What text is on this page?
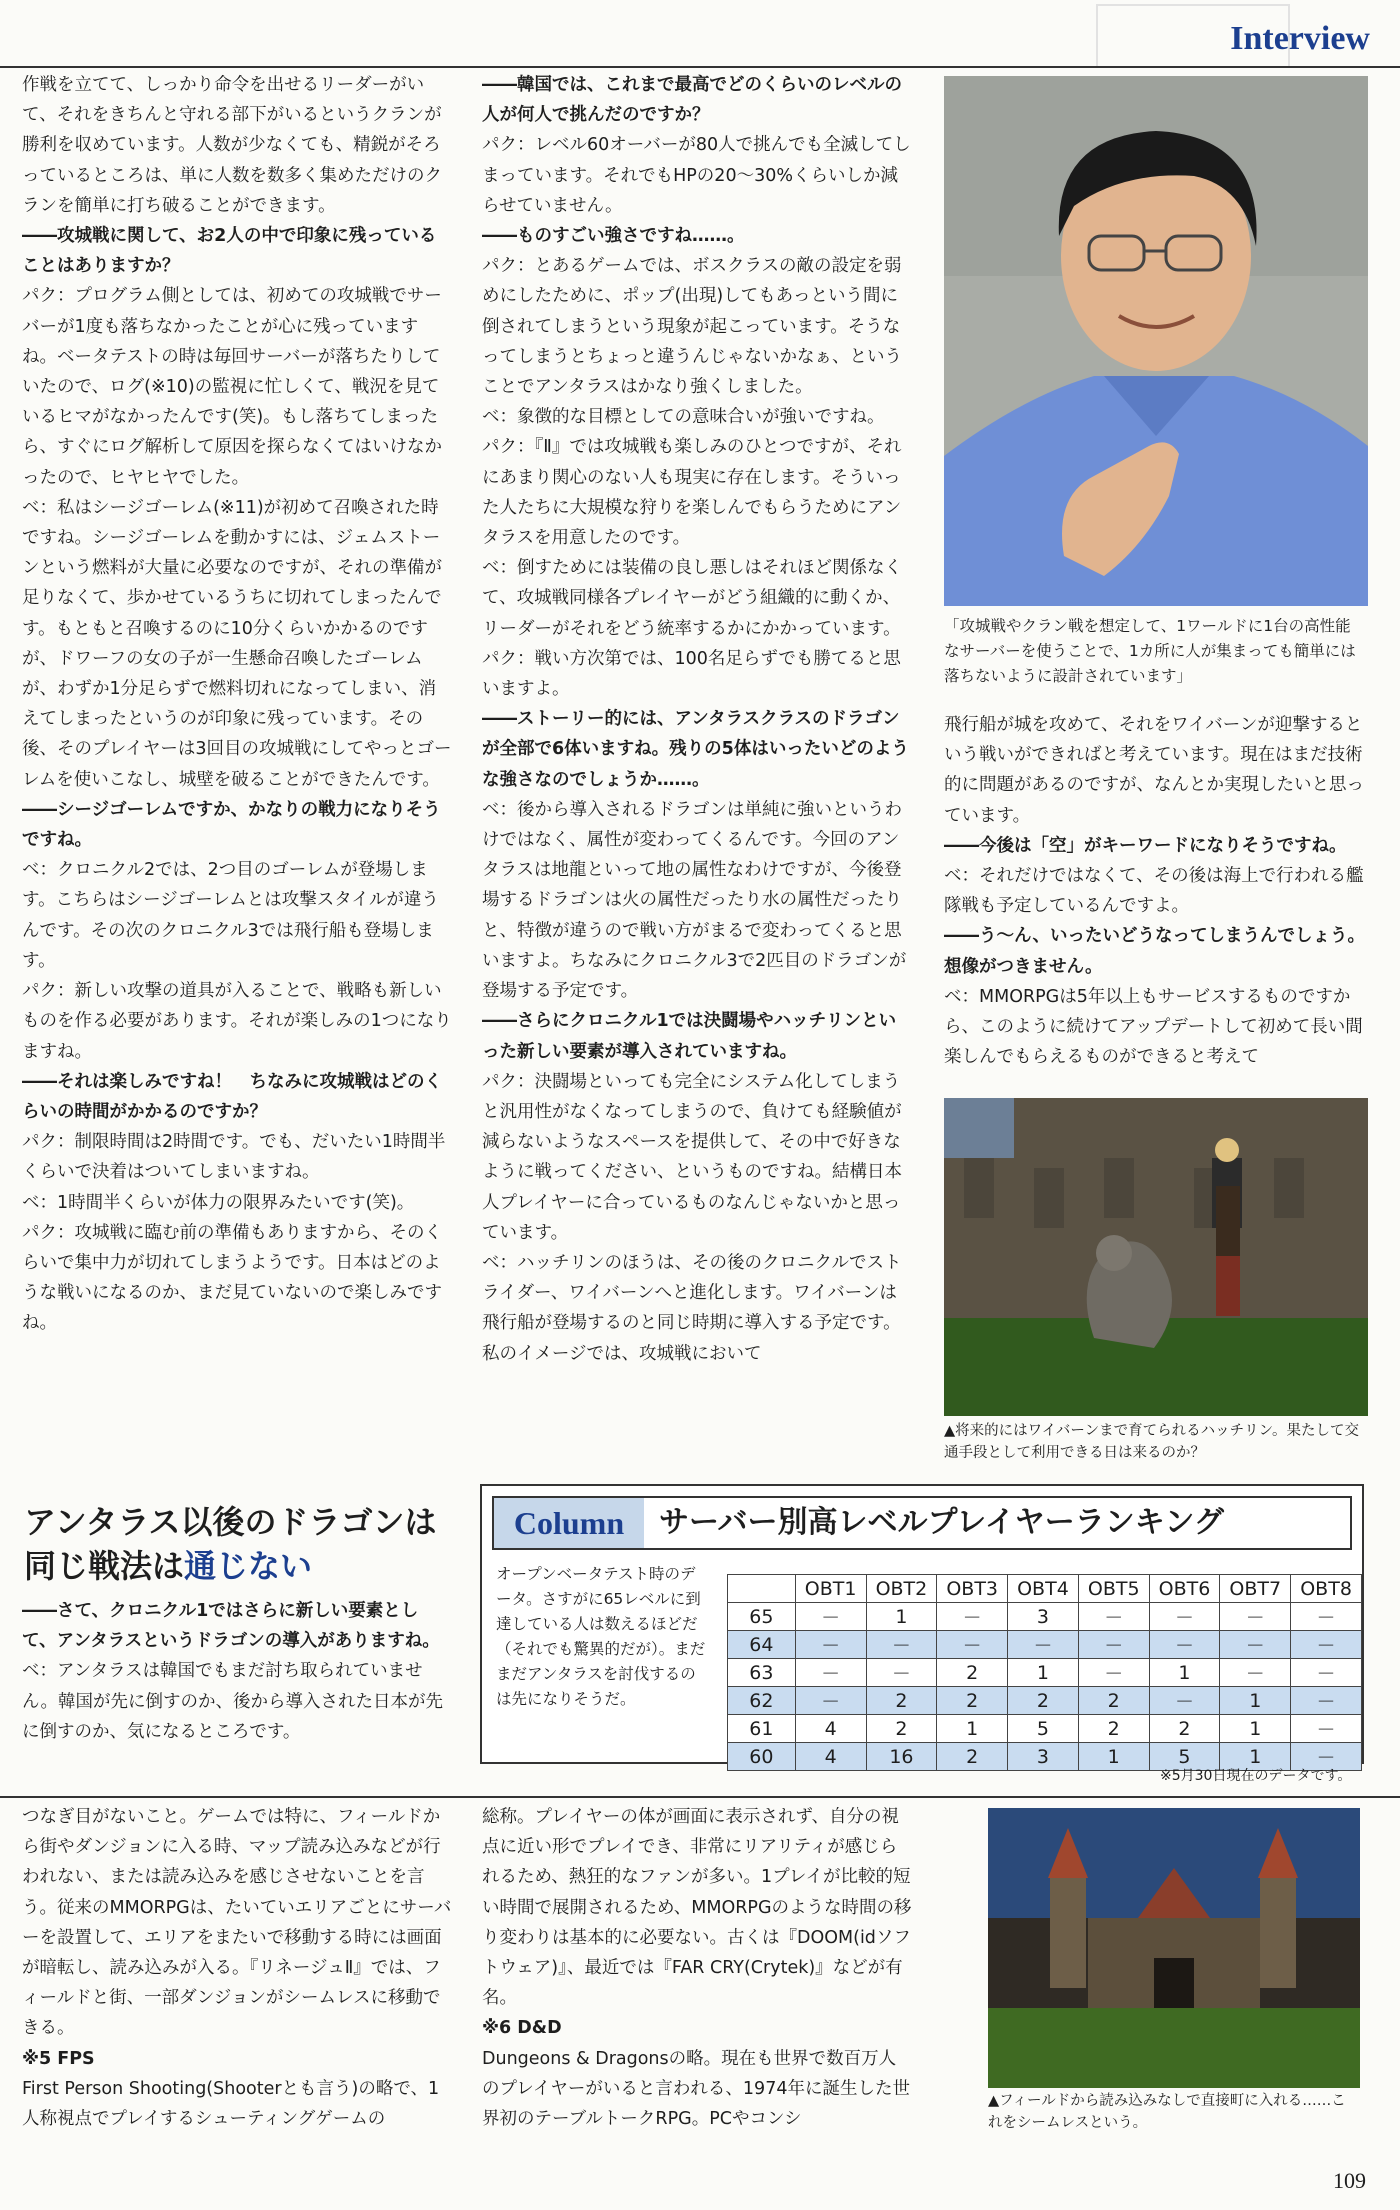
Interview

作戦を立てて、しっかり命令を出せるリーダーがいて、それをきちんと守れる部下がいるというクランが勝利を収めています。人数が少なくても、精鋭がそろっているところは、単に人数を数多く集めただけのクランを簡単に打ち破ることができます。

――攻城戦に関して、お2人の中で印象に残っていることはありますか？

パク：プログラム側としては、初めての攻城戦でサーバーが1度も落ちなかったことが心に残っていますね。ベータテストの時は毎回サーバーが落ちたりしていたので、ログ(※10)の監視に忙しくて、戦況を見ているヒマがなかったんです(笑)。もし落ちてしまったら、すぐにログ解析して原因を探らなくてはいけなかったので、ヒヤヒヤでした。

ベ：私はシージゴーレム(※11)が初めて召喚された時ですね。シージゴーレムを動かすには、ジェムストーンという燃料が大量に必要なのですが、それの準備が足りなくて、歩かせているうちに切れてしまったんです。もともと召喚するのに10分くらいかかるのですが、ドワーフの女の子が一生懸命召喚したゴーレムが、わずか1分足らずで燃料切れになってしまい、消えてしまったというのが印象に残っています。その後、そのプレイヤーは3回目の攻城戦にしてやっとゴーレムを使いこなし、城壁を破ることができたんです。

――シージゴーレムですか、かなりの戦力になりそうですね。

ベ：クロニクル2では、2つ目のゴーレムが登場します。こちらはシージゴーレムとは攻撃スタイルが違うんです。その次のクロニクル3では飛行船も登場します。

パク：新しい攻撃の道具が入ることで、戦略も新しいものを作る必要があります。それが楽しみの1つになりますね。

――それは楽しみですね！　ちなみに攻城戦はどのくらいの時間がかかるのですか？

パク：制限時間は2時間です。でも、だいたい1時間半くらいで決着はついてしまいますね。

ベ：1時間半くらいが体力の限界みたいです(笑)。

パク：攻城戦に臨む前の準備もありますから、そのくらいで集中力が切れてしまうようです。日本はどのような戦いになるのか、まだ見ていないので楽しみですね。

――韓国では、これまで最高でどのくらいのレベルの人が何人で挑んだのですか？

パク：レベル60オーバーが80人で挑んでも全滅してしまっています。それでもHPの20～30%くらいしか減らせていません。

――ものすごい強さですね……。

パク：とあるゲームでは、ボスクラスの敵の設定を弱めにしたために、ポップ(出現)してもあっという間に倒されてしまうという現象が起こっています。そうなってしまうとちょっと違うんじゃないかなぁ、ということでアンタラスはかなり強くしました。

ベ：象徴的な目標としての意味合いが強いですね。

パク：『Ⅱ』では攻城戦も楽しみのひとつですが、それにあまり関心のない人も現実に存在します。そういった人たちに大規模な狩りを楽しんでもらうためにアンタラスを用意したのです。

ベ：倒すためには装備の良し悪しはそれほど関係なくて、攻城戦同様各プレイヤーがどう組織的に動くか、リーダーがそれをどう統率するかにかかっています。

パク：戦い方次第では、100名足らずでも勝てると思いますよ。

――ストーリー的には、アンタラスクラスのドラゴンが全部で6体いますね。残りの5体はいったいどのような強さなのでしょうか……。

ベ：後から導入されるドラゴンは単純に強いというわけではなく、属性が変わってくるんです。今回のアンタラスは地龍といって地の属性なわけですが、今後登場するドラゴンは火の属性だったり水の属性だったりと、特徴が違うので戦い方がまるで変わってくると思いますよ。ちなみにクロニクル3で2匹目のドラゴンが登場する予定です。

――さらにクロニクル1では決闘場やハッチリンといった新しい要素が導入されていますね。

パク：決闘場といっても完全にシステム化してしまうと汎用性がなくなってしまうので、負けても経験値が減らないようなスペースを提供して、その中で好きなように戦ってください、というものですね。結構日本人プレイヤーに合っているものなんじゃないかと思っています。

ベ：ハッチリンのほうは、その後のクロニクルでストライダー、ワイバーンへと進化します。ワイバーンは飛行船が登場するのと同じ時期に導入する予定です。私のイメージでは、攻城戦において

「攻城戦やクラン戦を想定して、1ワールドに1台の高性能なサーバーを使うことで、1カ所に人が集まっても簡単には落ちないように設計されています」

飛行船が城を攻めて、それをワイバーンが迎撃するという戦いができればと考えています。現在はまだ技術的に問題があるのですが、なんとか実現したいと思っています。

――今後は「空」がキーワードになりそうですね。

ベ：それだけではなくて、その後は海上で行われる艦隊戦も予定しているんですよ。

――う～ん、いったいどうなってしまうんでしょう。想像がつきません。

ベ：MMORPGは5年以上もサービスするものですから、このように続けてアップデートして初めて長い間楽しんでもらえるものができると考えて

▲将来的にはワイバーンまで育てられるハッチリン。果たして交通手段として利用できる日は来るのか？
アンタラス以後のドラゴンは
同じ戦法は通じない

――さて、クロニクル1ではさらに新しい要素として、アンタラスというドラゴンの導入がありますね。

ベ：アンタラスは韓国でもまだ討ち取られていません。韓国が先に倒すのか、後から導入された日本が先に倒すのか、気になるところです。

Column	サーバー別高レベルプレイヤーランキング
オープンベータテスト時のデータ。さすがに65レベルに到達している人は数えるほどだ（それでも驚異的だが）。まだまだアンタラスを討伐するのは先になりそうだ。
	OBT1	OBT2	OBT3	OBT4	OBT5	OBT6	OBT7	OBT8
65	－	1	－	3	－	－	－	－
64	－	－	－	－	－	－	－	－
63	－	－	2	1	－	1	－	－
62	－	2	2	2	2	－	1	－
61	4	2	1	5	2	2	1	－
60	4	16	2	3	1	5	1	－
※5月30日現在のデータです。

つなぎ目がないこと。ゲームでは特に、フィールドから街やダンジョンに入る時、マップ読み込みなどが行われない、または読み込みを感じさせないことを言う。従来のMMORPGは、たいていエリアごとにサーバーを設置して、エリアをまたいで移動する時には画面が暗転し、読み込みが入る。『リネージュⅡ』では、フィールドと街、一部ダンジョンがシームレスに移動できる。

※5 FPS

First Person Shooting(Shooterとも言う)の略で、1人称視点でプレイするシューティングゲームの

総称。プレイヤーの体が画面に表示されず、自分の視点に近い形でプレイでき、非常にリアリティが感じられるため、熱狂的なファンが多い。1プレイが比較的短い時間で展開されるため、MMORPGのような時間の移り変わりは基本的に必要ない。古くは『DOOM(idソフトウェア)』、最近では『FAR CRY(Crytek)』などが有名。

※6 D&D

Dungeons & Dragonsの略。現在も世界で数百万人のプレイヤーがいると言われる、1974年に誕生した世界初のテーブルトークRPG。PCやコンシ

▲フィールドから読み込みなしで直接町に入れる……これをシームレスという。
109
